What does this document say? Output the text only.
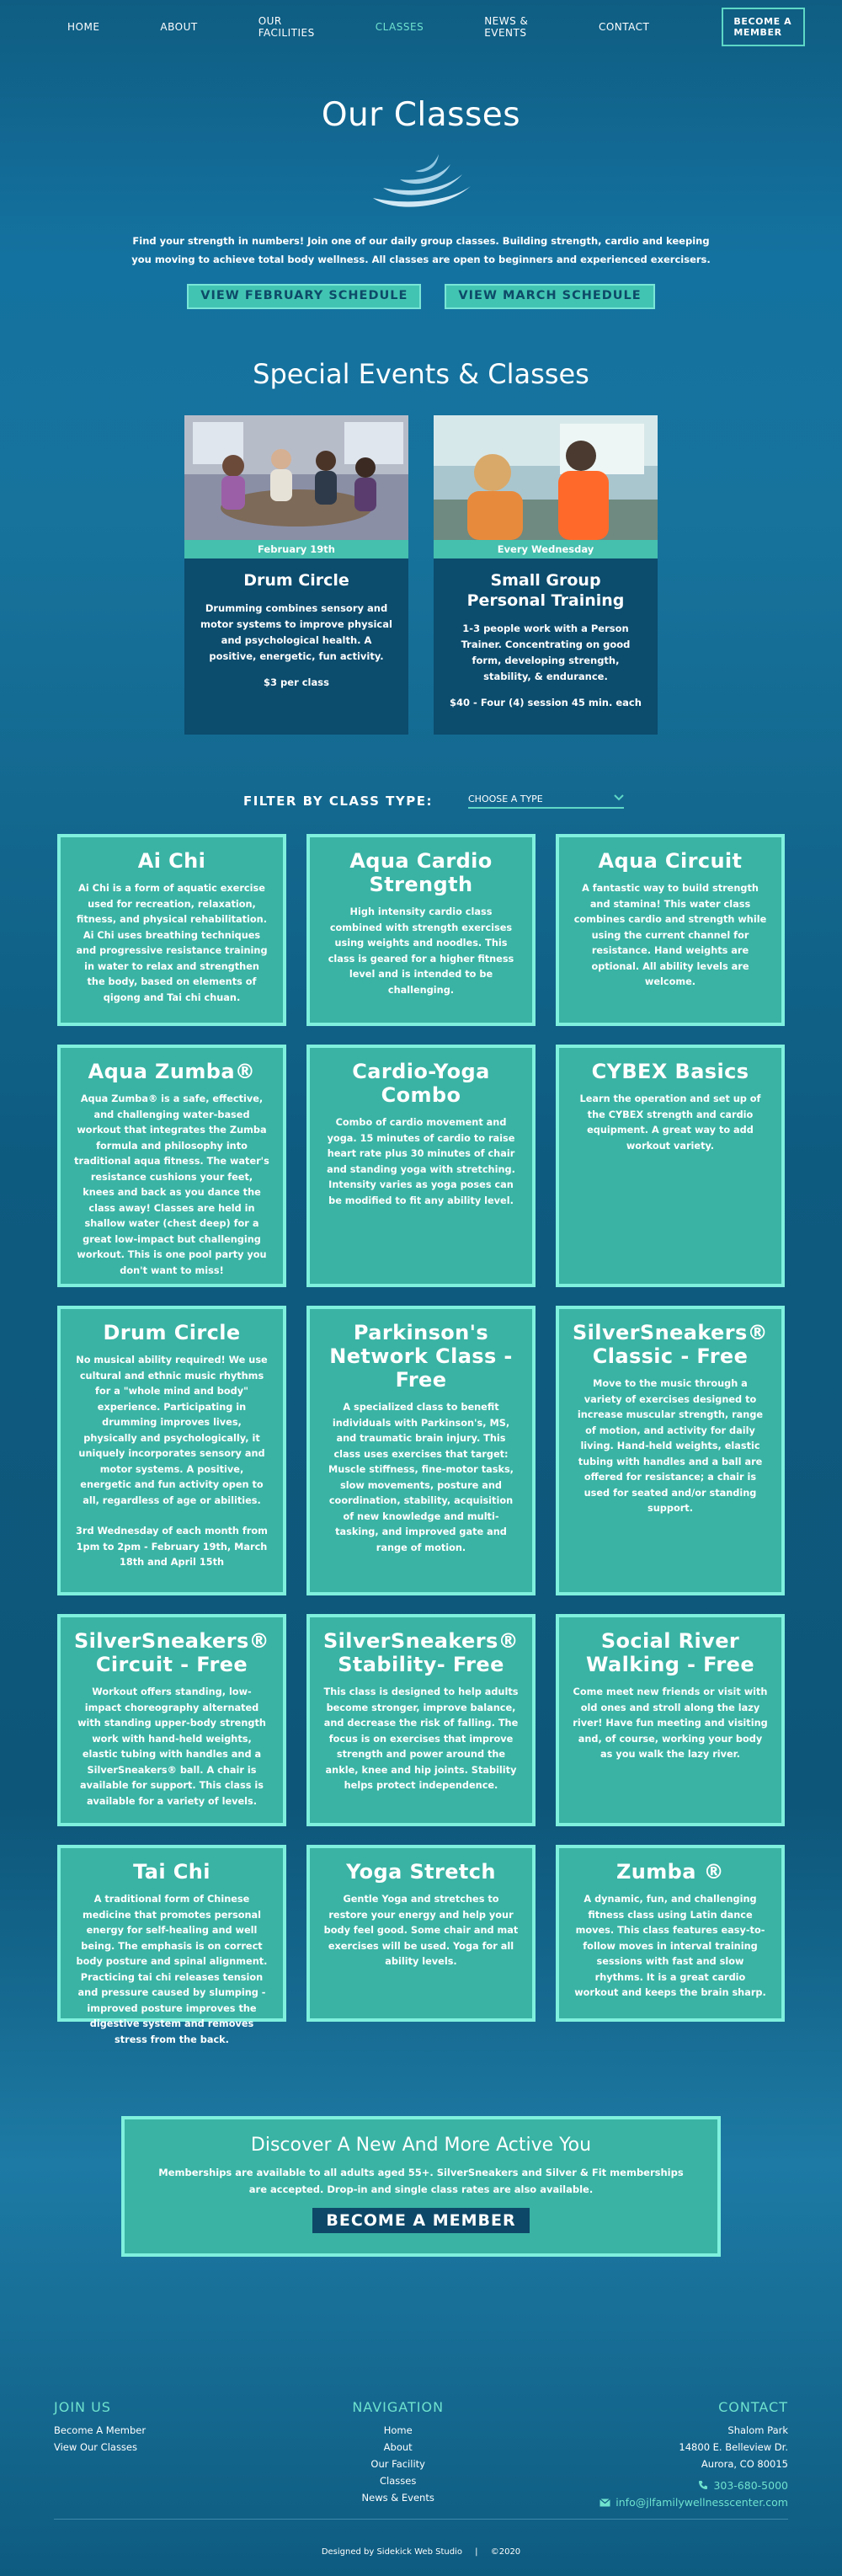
HOME	ABOUT	OUR FACILITIES	CLASSES	NEWS & EVENTS	CONTACT	BECOME A MEMBER
Our Classes

Find your strength in numbers! Join one of our daily group classes. Building strength, cardio and keeping you moving to achieve total body wellness. All classes are open to beginners and experienced exercisers.

VIEW FEBRUARY SCHEDULE	VIEW MARCH SCHEDULE
Special Events & Classes
February 19th
Drum Circle

Drumming combines sensory and motor systems to improve physical and psychological health. A positive, energetic, fun activity.

$3 per class

Every Wednesday
Small Group Personal Training

1-3 people work with a Person Trainer. Concentrating on good form, developing strength, stability, & endurance.

$40 - Four (4) session 45 min. each

FILTER BY CLASS TYPE:	CHOOSE A TYPE
Ai Chi

Ai Chi is a form of aquatic exercise used for recreation, relaxation, fitness, and physical rehabilitation. Ai Chi uses breathing techniques and progressive resistance training in water to relax and strengthen the body, based on elements of qigong and Tai chi chuan.

Aqua Cardio Strength

High intensity cardio class combined with strength exercises using weights and noodles. This class is geared for a higher fitness level and is intended to be challenging.

Aqua Circuit

A fantastic way to build strength and stamina! This water class combines cardio and strength while using the current channel for resistance. Hand weights are optional. All ability levels are welcome.

Aqua Zumba®

Aqua Zumba® is a safe, effective, and challenging water-based workout that integrates the Zumba formula and philosophy into traditional aqua fitness. The water's resistance cushions your feet, knees and back as you dance the class away! Classes are held in shallow water (chest deep) for a great low-impact but challenging workout. This is one pool party you don't want to miss!

Cardio-Yoga Combo

Combo of cardio movement and yoga. 15 minutes of cardio to raise heart rate plus 30 minutes of chair and standing yoga with stretching. Intensity varies as yoga poses can be modified to fit any ability level.

CYBEX Basics

Learn the operation and set up of the CYBEX strength and cardio equipment. A great way to add workout variety.

Drum Circle

No musical ability required! We use cultural and ethnic music rhythms for a "whole mind and body" experience. Participating in drumming improves lives, physically and psychologically, it uniquely incorporates sensory and motor systems. A positive, energetic and fun activity open to all, regardless of age or abilities.

3rd Wednesday of each month from 1pm to 2pm - February 19th, March 18th and April 15th

Parkinson's Network Class - Free

A specialized class to benefit individuals with Parkinson's, MS, and traumatic brain injury. This class uses exercises that target: Muscle stiffness, fine-motor tasks, slow movements, posture and coordination, stability, acquisition of new knowledge and multi-tasking, and improved gate and range of motion.

SilverSneakers® Classic - Free

Move to the music through a variety of exercises designed to increase muscular strength, range of motion, and activity for daily living. Hand-held weights, elastic tubing with handles and a ball are offered for resistance; a chair is used for seated and/or standing support.

SilverSneakers® Circuit - Free

Workout offers standing, low-impact choreography alternated with standing upper-body strength work with hand-held weights, elastic tubing with handles and a SilverSneakers® ball. A chair is available for support. This class is available for a variety of levels.

SilverSneakers® Stability- Free

This class is designed to help adults become stronger, improve balance, and decrease the risk of falling. The focus is on exercises that improve strength and power around the ankle, knee and hip joints. Stability helps protect independence.

Social River Walking - Free

Come meet new friends or visit with old ones and stroll along the lazy river! Have fun meeting and visiting and, of course, working your body as you walk the lazy river.

Tai Chi

A traditional form of Chinese medicine that promotes personal energy for self-healing and well being. The emphasis is on correct body posture and spinal alignment. Practicing tai chi releases tension and pressure caused by slumping - improved posture improves the digestive system and removes stress from the back.

Yoga Stretch

Gentle Yoga and stretches to restore your energy and help your body feel good. Some chair and mat exercises will be used. Yoga for all ability levels.

Zumba ®

A dynamic, fun, and challenging fitness class using Latin dance moves. This class features easy-to-follow moves in interval training sessions with fast and slow rhythms. It is a great cardio workout and keeps the brain sharp.

Discover A New And More Active You

Memberships are available to all adults aged 55+. SilverSneakers and Silver & Fit memberships are accepted. Drop-in and single class rates are also available.

BECOME A MEMBER
JOIN US
Become A Member
View Our Classes
NAVIGATION
Home
About
Our Facility
Classes
News & Events
CONTACT
Shalom Park
14800 E. Belleview Dr.
Aurora, CO 80015
303-680-5000
info@jlfamilywellnesscenter.com
Designed by Sidekick Web Studio | ©2020
